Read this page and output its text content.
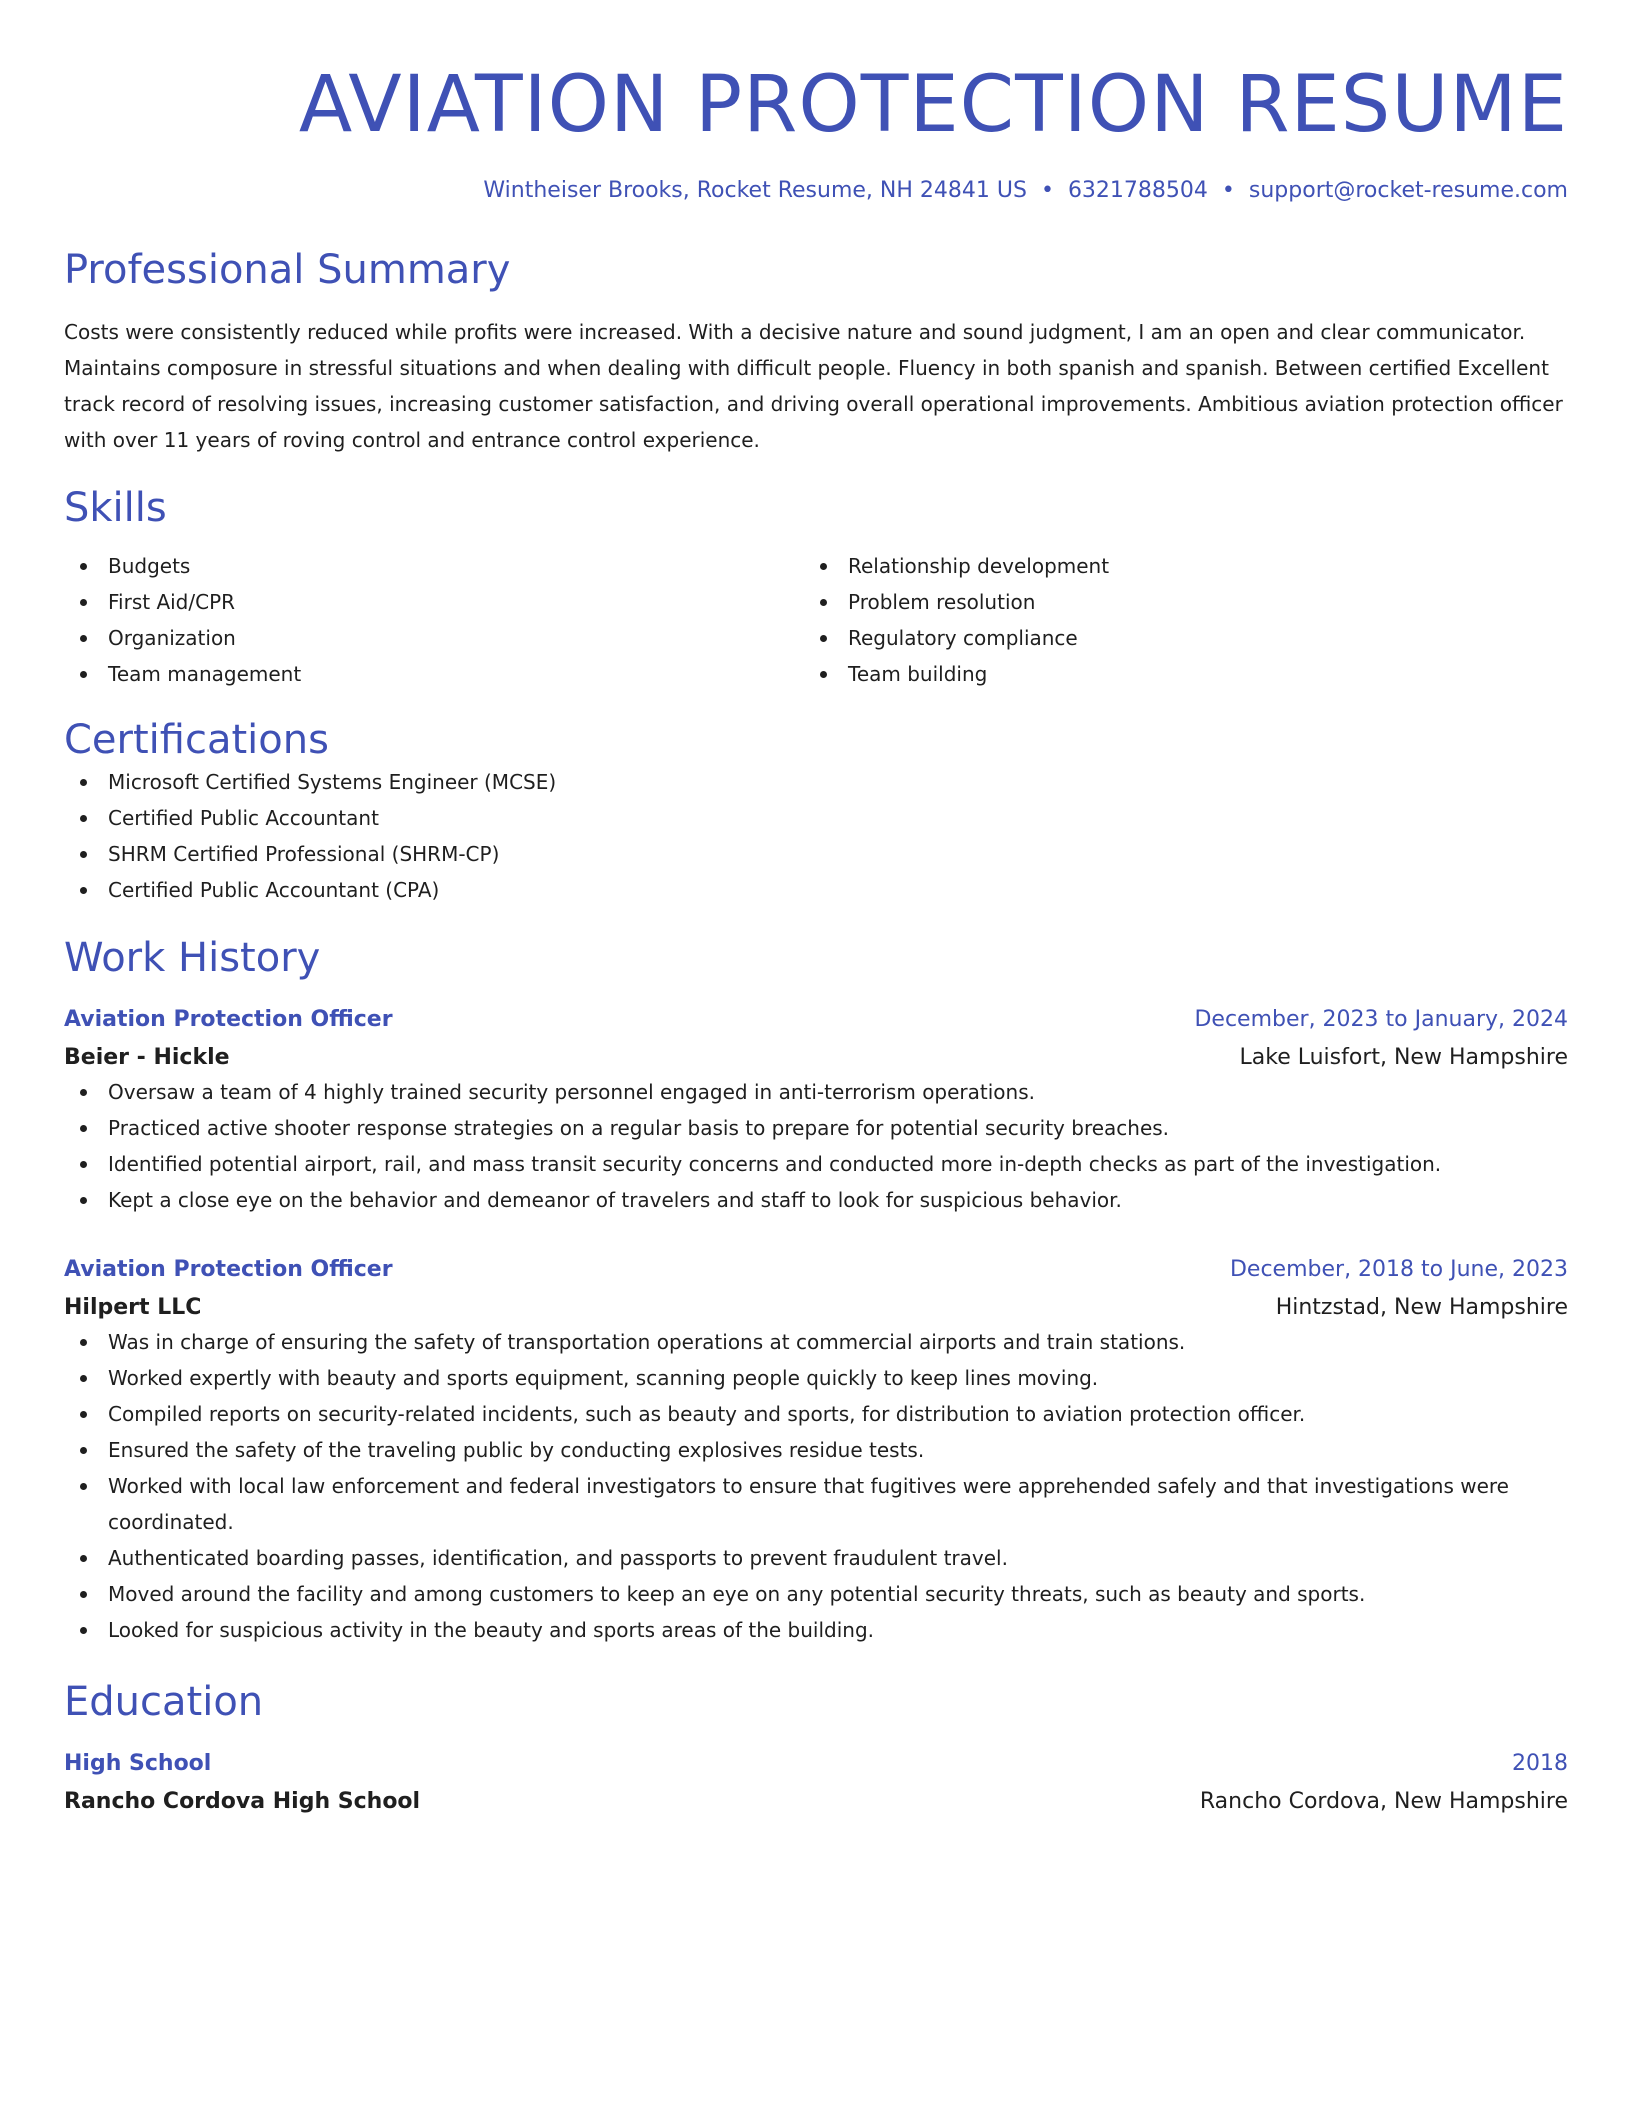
AVIATION PROTECTION RESUME
Wintheiser Brooks, Rocket Resume, NH 24841 US • 6321788504 • support@rocket-resume.com
Professional Summary
Costs were consistently reduced while profits were increased. With a decisive nature and sound judgment, I am an open and clear communicator. Maintains composure in stressful situations and when dealing with difficult people. Fluency in both spanish and spanish. Between certified Excellent track record of resolving issues, increasing customer satisfaction, and driving overall operational improvements. Ambitious aviation protection officer with over 11 years of roving control and entrance control experience.
Skills
Budgets
First Aid/CPR
Organization
Team management
Relationship development
Problem resolution
Regulatory compliance
Team building
Certifications
Microsoft Certified Systems Engineer (MCSE)
Certified Public Accountant
SHRM Certified Professional (SHRM-CP)
Certified Public Accountant (CPA)
Work History
Aviation Protection Officer	December, 2023 to January, 2024
Beier - Hickle	Lake Luisfort, New Hampshire
Oversaw a team of 4 highly trained security personnel engaged in anti-terrorism operations.
Practiced active shooter response strategies on a regular basis to prepare for potential security breaches.
Identified potential airport, rail, and mass transit security concerns and conducted more in-depth checks as part of the investigation.
Kept a close eye on the behavior and demeanor of travelers and staff to look for suspicious behavior.
Aviation Protection Officer	December, 2018 to June, 2023
Hilpert LLC	Hintzstad, New Hampshire
Was in charge of ensuring the safety of transportation operations at commercial airports and train stations.
Worked expertly with beauty and sports equipment, scanning people quickly to keep lines moving.
Compiled reports on security-related incidents, such as beauty and sports, for distribution to aviation protection officer.
Ensured the safety of the traveling public by conducting explosives residue tests.
Worked with local law enforcement and federal investigators to ensure that fugitives were apprehended safely and that investigations were coordinated.
Authenticated boarding passes, identification, and passports to prevent fraudulent travel.
Moved around the facility and among customers to keep an eye on any potential security threats, such as beauty and sports.
Looked for suspicious activity in the beauty and sports areas of the building.
Education
High School	2018
Rancho Cordova High School	Rancho Cordova, New Hampshire
